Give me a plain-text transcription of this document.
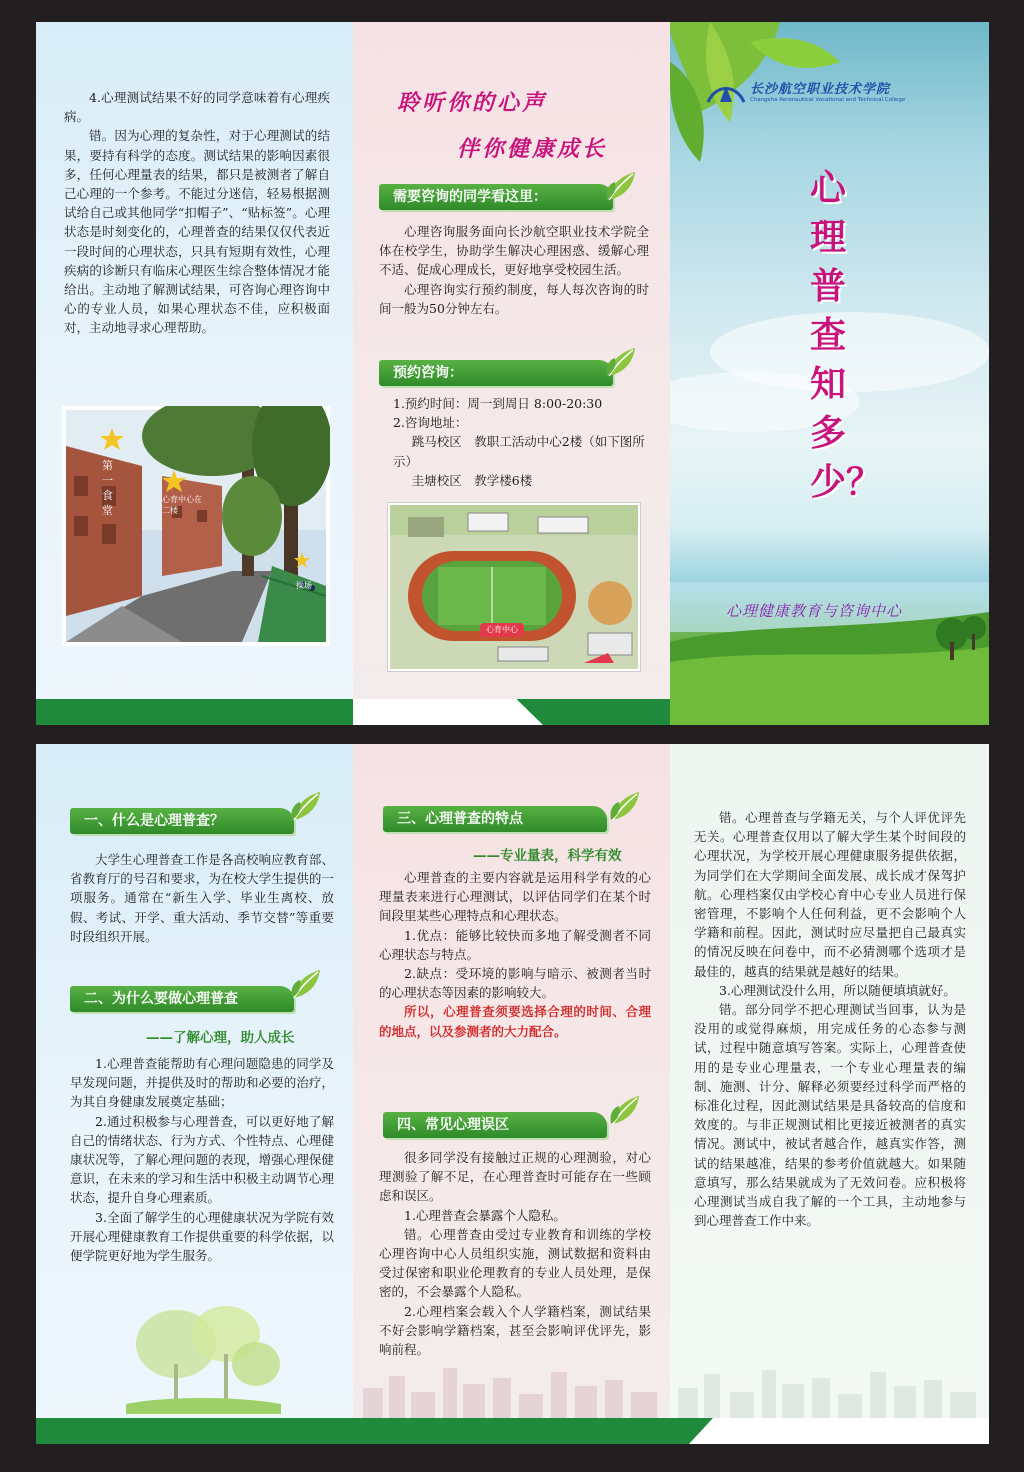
4.心理测试结果不好的同学意味着有心理疾病。

错。因为心理的复杂性，对于心理测试的结果，要持有科学的态度。测试结果的影响因素很多，任何心理量表的结果，都只是被测者了解自己心理的一个参考。不能过分迷信，轻易根据测试给自己或其他同学“扣帽子”、“贴标签”。心理状态是时刻变化的，心理普查的结果仅仅代表近一段时间的心理状态，只具有短期有效性，心理疾病的诊断只有临床心理医生综合整体情况才能给出。主动地了解测试结果，可咨询心理咨询中心的专业人员，如果心理状态不佳，应积极面对，主动地寻求心理帮助。

第一食堂
心育中心在二楼
操场
聆听你的心声
伴你健康成长
需要咨询的同学看这里：

心理咨询服务面向长沙航空职业技术学院全体在校学生，协助学生解决心理困惑、缓解心理不适、促成心理成长，更好地享受校园生活。

心理咨询实行预约制度，每人每次咨询的时间一般为50分钟左右。

预约咨询：
1.预约时间：周一到周日 8:00-20:30
2.咨询地址：
跳马校区　教职工活动中心2楼（如下图所示）
圭塘校区　教学楼6楼
心育中心
长沙航空职业技术学院
Changsha Aeronautical Vocational and Technical College
心理普查知多少？
心理健康教育与咨询中心
一、什么是心理普查？

大学生心理普查工作是各高校响应教育部、省教育厅的号召和要求，为在校大学生提供的一项服务。通常在“新生入学、毕业生离校、放假、考试、开学、重大活动、季节交替”等重要时段组织开展。

二、为什么要做心理普查
——了解心理，助人成长

1.心理普查能帮助有心理问题隐患的同学及早发现问题，并提供及时的帮助和必要的治疗，为其自身健康发展奠定基础；

2.通过积极参与心理普查，可以更好地了解自己的情绪状态、行为方式、个性特点、心理健康状况等，了解心理问题的表现，增强心理保健意识，在未来的学习和生活中积极主动调节心理状态，提升自身心理素质。

3.全面了解学生的心理健康状况为学院有效开展心理健康教育工作提供重要的科学依据，以便学院更好地为学生服务。

三、心理普查的特点
——专业量表，科学有效

心理普查的主要内容就是运用科学有效的心理量表来进行心理测试，以评估同学们在某个时间段里某些心理特点和心理状态。

1.优点：能够比较快而多地了解受测者不同心理状态与特点。

2.缺点：受环境的影响与暗示、被测者当时的心理状态等因素的影响较大。

所以，心理普查须要选择合理的时间、合理的地点，以及参测者的大力配合。

四、常见心理误区

很多同学没有接触过正规的心理测验，对心理测验了解不足，在心理普查时可能存在一些顾虑和误区。

1.心理普查会暴露个人隐私。

错。心理普查由受过专业教育和训练的学校心理咨询中心人员组织实施，测试数据和资料由受过保密和职业伦理教育的专业人员处理，是保密的，不会暴露个人隐私。

2.心理档案会载入个人学籍档案，测试结果不好会影响学籍档案，甚至会影响评优评先，影响前程。

错。心理普查与学籍无关，与个人评优评先无关。心理普查仅用以了解大学生某个时间段的心理状况，为学校开展心理健康服务提供依据，为同学们在大学期间全面发展、成长成才保驾护航。心理档案仅由学校心育中心专业人员进行保密管理，不影响个人任何利益，更不会影响个人学籍和前程。因此，测试时应尽量把自己最真实的情况反映在问卷中，而不必猜测哪个选项才是最佳的，越真的结果就是越好的结果。

3.心理测试没什么用，所以随便填填就好。

错。部分同学不把心理测试当回事，认为是没用的或觉得麻烦，用完成任务的心态参与测试，过程中随意填写答案。实际上，心理普查使用的是专业心理量表，一个专业心理量表的编制、施测、计分、解释必须要经过科学而严格的标准化过程，因此测试结果是具备较高的信度和效度的。与非正规测试相比更接近被测者的真实情况。测试中，被试者越合作，越真实作答，测试的结果越准，结果的参考价值就越大。如果随意填写，那么结果就成为了无效问卷。应积极将心理测试当成自我了解的一个工具，主动地参与到心理普查工作中来。
